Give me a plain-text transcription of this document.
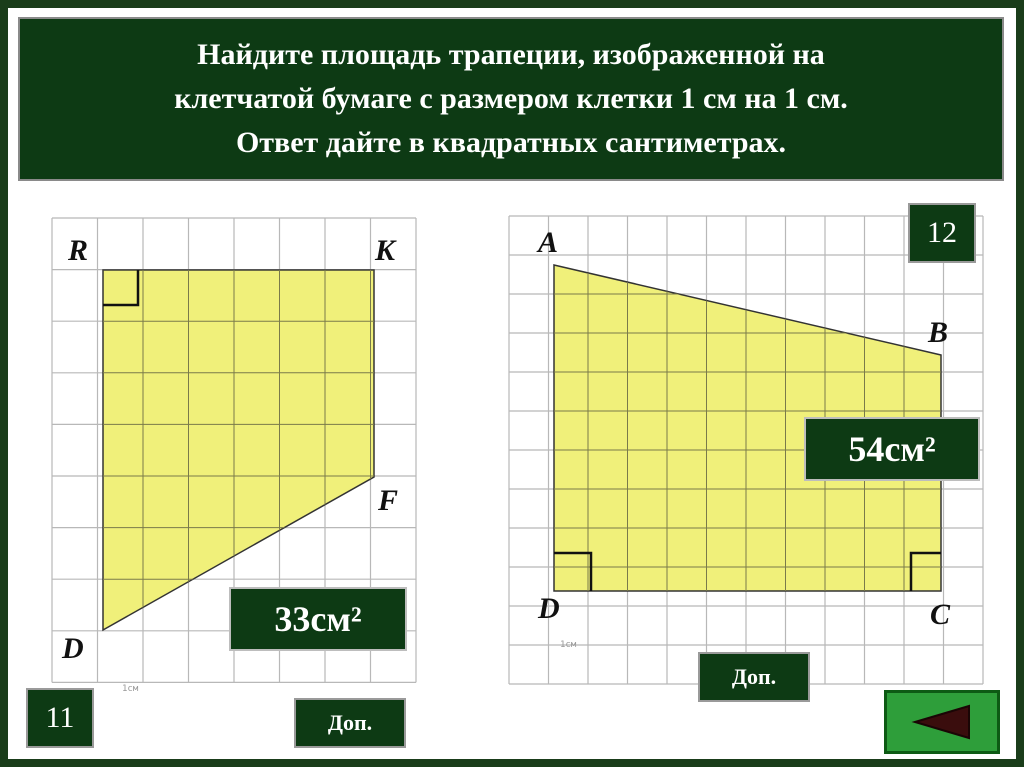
Найдите площадь трапеции, изображенной на
клетчатой бумаге с размером клетки 1 см на 1 см.
Ответ дайте в квадратных сантиметрах.
R	K
F
D
1см
A
B
C
D
1см
33см²
54см²
11
12
Доп.
Доп.
